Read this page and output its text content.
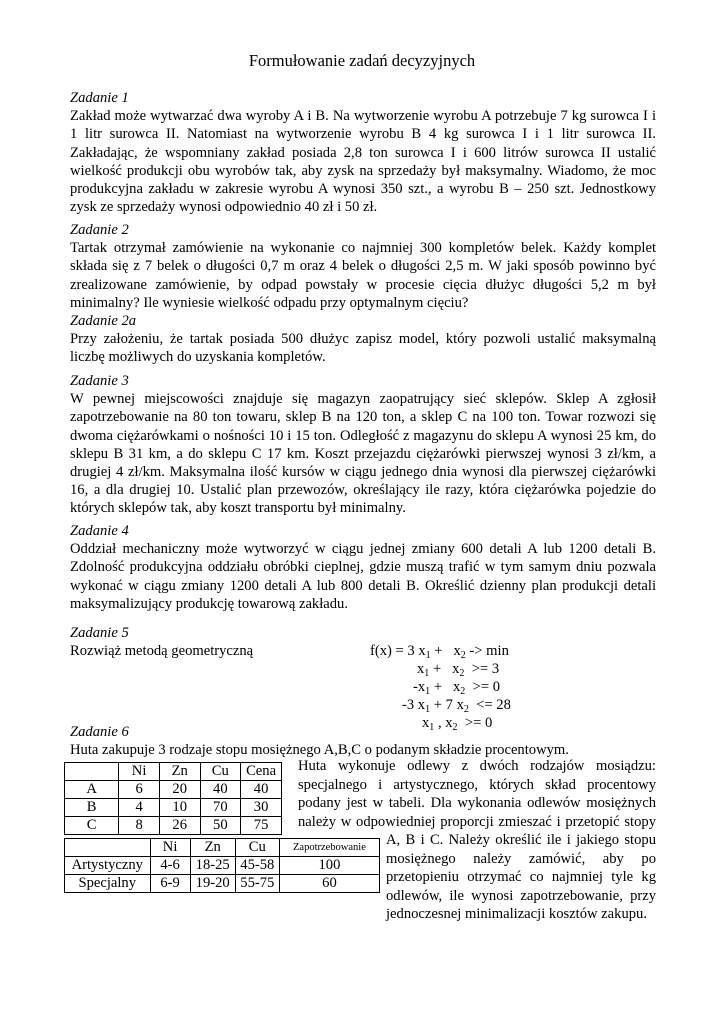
Formułowanie zadań decyzyjnych
Zadanie 1
Zakład może wytwarzać dwa wyroby A i B. Na wytworzenie wyrobu A potrzebuje 7 kg surowca I i
1 litr surowca II. Natomiast na wytworzenie wyrobu B 4 kg surowca I i 1 litr surowca II.
Zakładając, że wspomniany zakład posiada 2,8 ton surowca I i 600 litrów surowca II ustalić
wielkość produkcji obu wyrobów tak, aby zysk na sprzedaży był maksymalny. Wiadomo, że moc
produkcyjna zakładu w zakresie wyrobu A wynosi 350 szt., a wyrobu B – 250 szt. Jednostkowy
zysk ze sprzedaży wynosi odpowiednio 40 zł i 50 zł.
Zadanie 2
Tartak otrzymał zamówienie na wykonanie co najmniej 300 kompletów belek. Każdy komplet
składa się z 7 belek o długości 0,7 m oraz 4 belek o długości 2,5 m. W jaki sposób powinno być
zrealizowane zamówienie, by odpad powstały w procesie cięcia dłużyc długości 5,2 m był
minimalny? Ile wyniesie wielkość odpadu przy optymalnym cięciu?
Zadanie 2a
Przy założeniu, że tartak posiada 500 dłużyc zapisz model, który pozwoli ustalić maksymalną
liczbę możliwych do uzyskania kompletów.
Zadanie 3
W pewnej miejscowości znajduje się magazyn zaopatrujący sieć sklepów. Sklep A zgłosił
zapotrzebowanie na 80 ton towaru, sklep B na 120 ton, a sklep C na 100 ton. Towar rozwozi się
dwoma ciężarówkami o nośności 10 i 15 ton. Odległość z magazynu do sklepu A wynosi 25 km, do
sklepu B 31 km, a do sklepu C 17 km. Koszt przejazdu ciężarówki pierwszej wynosi 3 zł/km, a
drugiej 4 zł/km. Maksymalna ilość kursów w ciągu jednego dnia wynosi dla pierwszej ciężarówki
16, a dla drugiej 10. Ustalić plan przewozów, określający ile razy, która ciężarówka pojedzie do
których sklepów tak, aby koszt transportu był minimalny.
Zadanie 4
Oddział mechaniczny może wytworzyć w ciągu jednej zmiany 600 detali A lub 1200 detali B.
Zdolność produkcyjna oddziału obróbki cieplnej, gdzie muszą trafić w tym samym dniu pozwala
wykonać w ciągu zmiany 1200 detali A lub 800 detali B. Określić dzienny plan produkcji detali
maksymalizujący produkcję towarową zakładu.
Zadanie 5
Rozwiąż metodą geometryczną	f(x) = 3 $x_1 + x_2 -> \min$
$x_1 + x_2 >= 3$
$-x_1 + x_2 >= 0$
-3 $x_1 + 7$ $x_2 <= 28$
$x_1$ , $x_2 >= 0$
Zadanie 6
Huta zakupuje 3 rodzaje stopu mosiężnego A,B,C o podanym składzie procentowym.
	Ni	Zn	Cu	Cena
A	6	20	40	40
B	4	10	70	30
C	8	26	50	75
	Ni	Zn	Cu	Zapotrzebowanie
Artystyczny	4-6	18-25	45-58	100
Specjalny	6-9	19-20	55-75	60
Huta wykonuje odlewy z dwóch rodzajów mosiądzu:
specjalnego i artystycznego, których skład procentowy
podany jest w tabeli. Dla wykonania odlewów mosiężnych
należy w odpowiedniej proporcji zmieszać i przetopić stopy
A, B i C. Należy określić ile i jakiego stopu
mosiężnego należy zamówić, aby po
przetopieniu otrzymać co najmniej tyle kg
odlewów, ile wynosi zapotrzebowanie, przy
jednoczesnej minimalizacji kosztów zakupu.
